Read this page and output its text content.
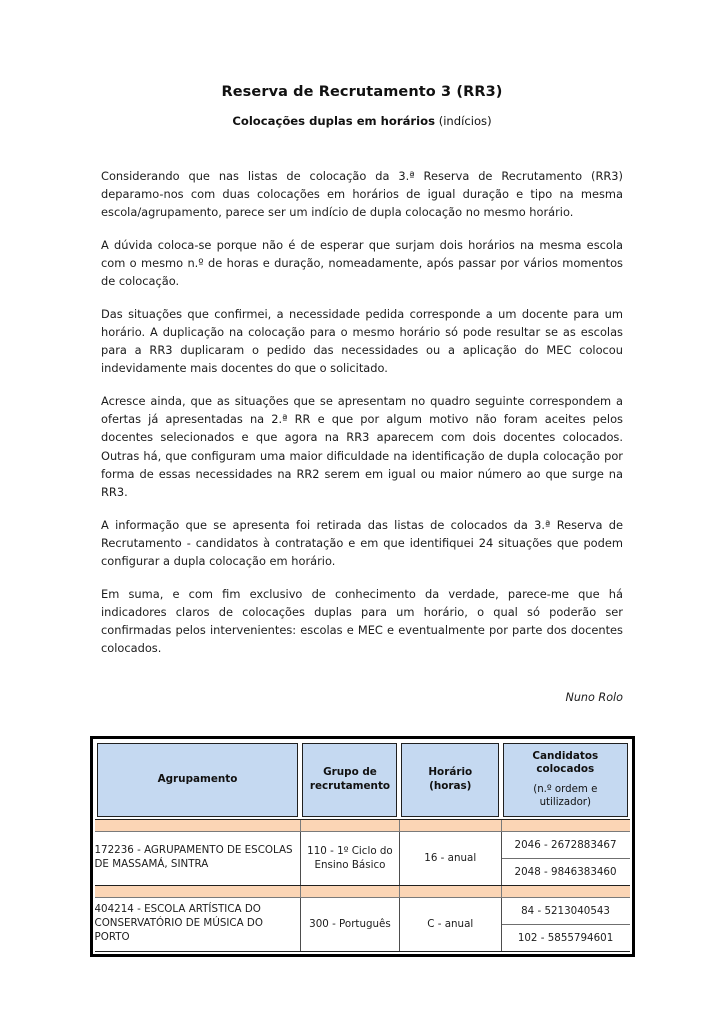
Reserva de Recrutamento 3 (RR3)

Colocações duplas em horários (indícios)

Considerando que nas listas de colocação da 3.ª Reserva de Recrutamento (RR3) deparamo-nos com duas colocações em horários de igual duração e tipo na mesma escola/agrupamento, parece ser um indício de dupla colocação no mesmo horário.

A dúvida coloca-se porque não é de esperar que surjam dois horários na mesma escola com o mesmo n.º de horas e duração, nomeadamente, após passar por vários momentos de colocação.

Das situações que confirmei, a necessidade pedida corresponde a um docente para um horário. A duplicação na colocação para o mesmo horário só pode resultar se as escolas para a RR3 duplicaram o pedido das necessidades ou a aplicação do MEC colocou indevidamente mais docentes do que o solicitado.

Acresce ainda, que as situações que se apresentam no quadro seguinte correspondem a ofertas já apresentadas na 2.ª RR e que por algum motivo não foram aceites pelos docentes selecionados e que agora na RR3 aparecem com dois docentes colocados. Outras há, que configuram uma maior dificuldade na identificação de dupla colocação por forma de essas necessidades na RR2 serem em igual ou maior número ao que surge na RR3.

A informação que se apresenta foi retirada das listas de colocados da 3.ª Reserva de Recrutamento - candidatos à contratação e em que identifiquei 24 situações que podem configurar a dupla colocação em horário.

Em suma, e com fim exclusivo de conhecimento da verdade, parece-me que há indicadores claros de colocações duplas para um horário, o qual só poderão ser confirmadas pelos intervenientes: escolas e MEC e eventualmente por parte dos docentes colocados.

Nuno Rolo
Agrupamento	Grupo de recrutamento	Horário (horas)	Candidatos colocados
(n.º ordem e utilizador)

172236 - AGRUPAMENTO DE ESCOLAS DE MASSAMÁ, SINTRA	110 - 1º Ciclo do Ensino Básico	16 - anual	2046 - 2672883467
2048 - 9846383460

404214 - ESCOLA ARTÍSTICA DO CONSERVATÓRIO DE MÚSICA DO PORTO	300 - Português	C - anual	84 - 5213040543
102 - 5855794601
